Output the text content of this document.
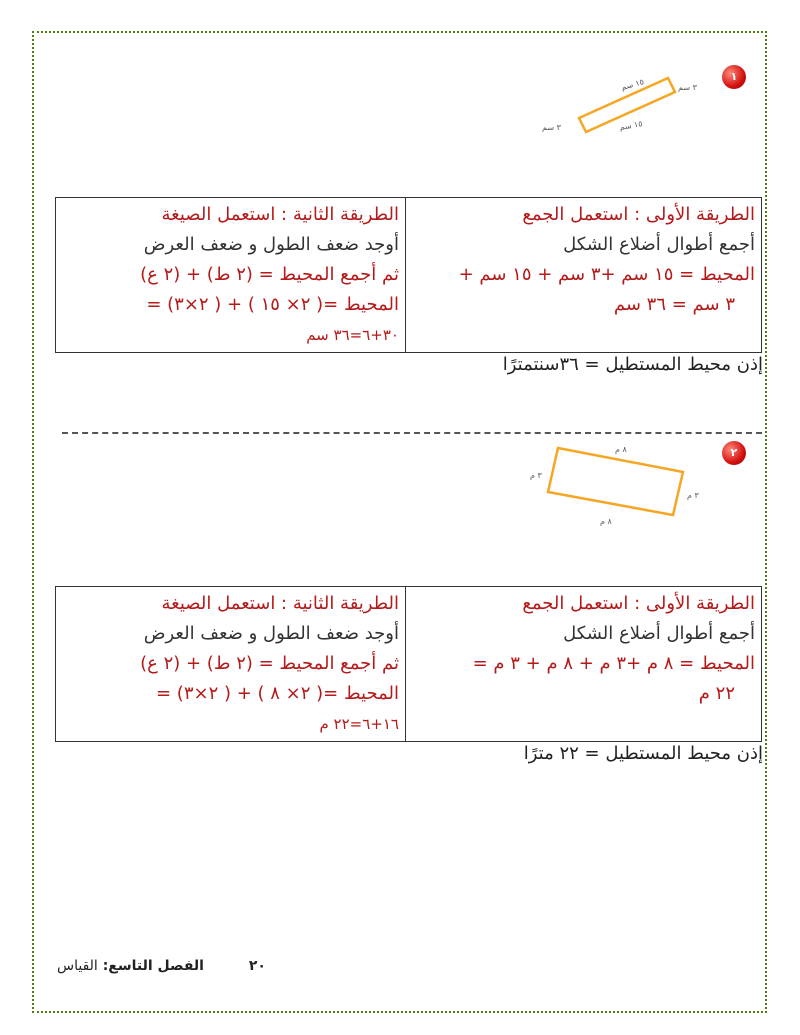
١
١٥ سم	٣ سم
١٥ سم
٣ سم
الطريقة الأولى : استعمل الجمع
أجمع أطوال أضلاع الشكل
المحيط = ١٥ سم +٣ سم + ١٥ سم +
٣ سم = ٣٦ سم

الطريقة الثانية : استعمل الصيغة
أوجد ضعف الطول و ضعف العرض
ثم أجمع المحيط = (٢ ط) + (٢ ع)
المحيط =( ٢× ١٥ ) + ( ٢×٣) =
٣٠+٦=٣٦ سم
إذن محيط المستطيل = ٣٦سنتمترًا
٢
٨ م
٣ م
٨ م
٣ م
الطريقة الأولى : استعمل الجمع
أجمع أطوال أضلاع الشكل
المحيط = ٨ م +٣ م + ٨ م + ٣ م =
٢٢ م

الطريقة الثانية : استعمل الصيغة
أوجد ضعف الطول و ضعف العرض
ثم أجمع المحيط = (٢ ط) + (٢ ع)
المحيط =( ٢× ٨ ) + ( ٢×٣) =
١٦+٦=٢٢ م
إذن محيط المستطيل = ٢٢ مترًا
٢٠ الفصل التاسع: القياس
